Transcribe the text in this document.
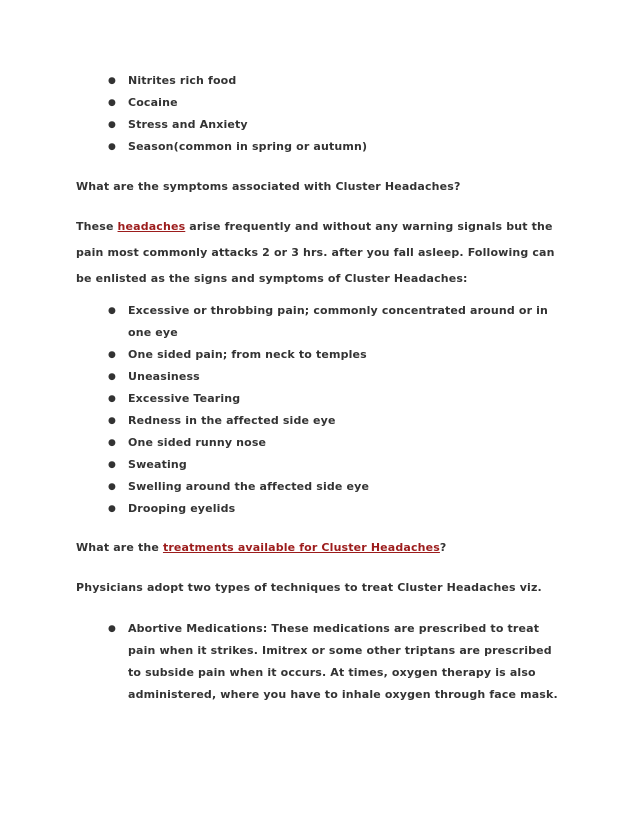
● Nitrites rich food
● Cocaine
● Stress and Anxiety
● Season(common in spring or autumn)

What are the symptoms associated with Cluster Headaches?

These headaches arise frequently and without any warning signals but the pain most commonly attacks 2 or 3 hrs. after you fall asleep. Following can be enlisted as the signs and symptoms of Cluster Headaches:

● Excessive or throbbing pain; commonly concentrated around or in one eye
● One sided pain; from neck to temples
● Uneasiness
● Excessive Tearing
● Redness in the affected side eye
● One sided runny nose
● Sweating
● Swelling around the affected side eye
● Drooping eyelids

What are the treatments available for Cluster Headaches?

Physicians adopt two types of techniques to treat Cluster Headaches viz.

● Abortive Medications: These medications are prescribed to treat pain when it strikes. Imitrex or some other triptans are prescribed to subside pain when it occurs. At times, oxygen therapy is also administered, where you have to inhale oxygen through face mask.
